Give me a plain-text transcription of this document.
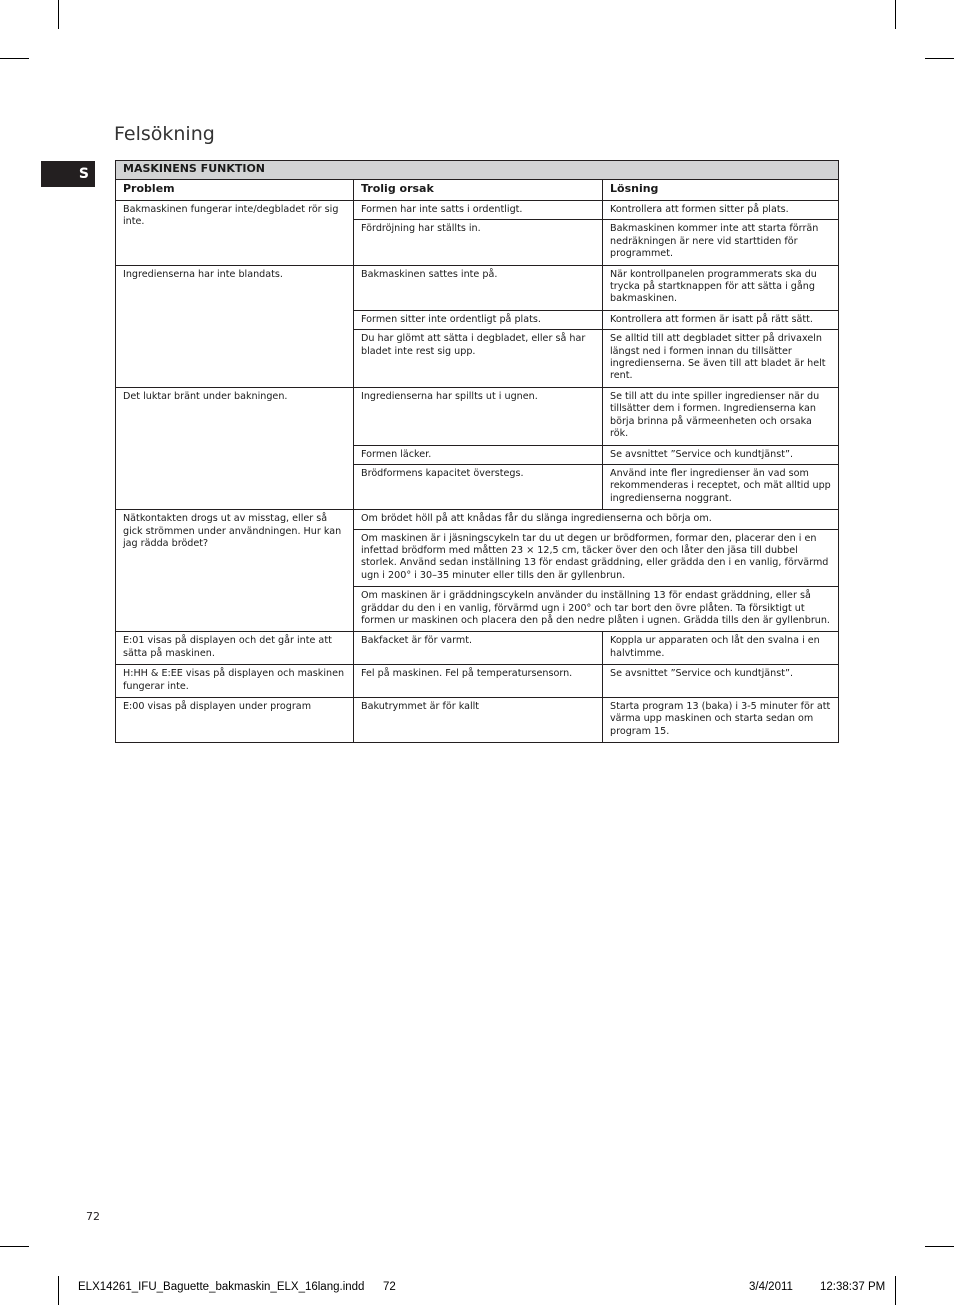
Felsökning
S	MASKINENS FUNKTION		
Problem	Trolig orsak	Lösning
Bakmaskinen fungerar inte/degbladet rör sig inte.	Formen har inte satts i ordentligt.	Kontrollera att formen sitter på plats.
	Fördröjning har ställts in.	Bakmaskinen kommer inte att starta förrän nedräkningen är nere vid starttiden för programmet.
Ingredienserna har inte blandats.	Bakmaskinen sattes inte på.	När kontrollpanelen programmerats ska du trycka på startknappen för att sätta i gång bakmaskinen.
	Formen sitter inte ordentligt på plats.	Kontrollera att formen är isatt på rätt sätt.
	Du har glömt att sätta i degbladet, eller så har bladet inte rest sig upp.	Se alltid till att degbladet sitter på drivaxeln längst ned i formen innan du tillsätter ingredienserna. Se även till att bladet är helt rent.
Det luktar bränt under bakningen.	Ingredienserna har spillts ut i ugnen.	Se till att du inte spiller ingredienser när du tillsätter dem i formen. Ingredienserna kan börja brinna på värmeenheten och orsaka rök.
	Formen läcker.	Se avsnittet ”Service och kundtjänst”.
	Brödformens kapacitet överstegs.	Använd inte fler ingredienser än vad som rekommenderas i receptet, och mät alltid upp ingredienserna noggrant.
Nätkontakten drogs ut av misstag, eller så gick strömmen under användningen. Hur kan jag rädda brödet?	Om brödet höll på att knådas får du slänga ingredienserna och börja om.	
	Om maskinen är i jäsningscykeln tar du ut degen ur brödformen, formar den, placerar den i en infettad brödform med måtten 23 × 12,5 cm, täcker över den och låter den jäsa till dubbel storlek. Använd sedan inställning 13 för endast gräddning, eller grädda den i en vanlig, förvärmd ugn i 200° i 30–35 minuter eller tills den är gyllenbrun.	
	Om maskinen är i gräddningscykeln använder du inställning 13 för endast gräddning, eller så gräddar du den i en vanlig, förvärmd ugn i 200° och tar bort den övre plåten. Ta försiktigt ut formen ur maskinen och placera den på den nedre plåten i ugnen. Grädda tills den är gyllenbrun.	
E:01 visas på displayen och det går inte att sätta på maskinen.	Bakfacket är för varmt.	Koppla ur apparaten och låt den svalna i en halvtimme.
H:HH & E:EE visas på displayen och maskinen fungerar inte.	Fel på maskinen. Fel på temperatursensorn.	Se avsnittet ”Service och kundtjänst”.
E:00 visas på displayen under program	Bakutrymmet är för kallt	Starta program 13 (baka) i 3-5 minuter för att värma upp maskinen och starta sedan om program 15.
72
ELX14261_IFU_Baguette_bakmaskin_ELX_16lang.indd 72	3/4/2011 12:38:37 PM
